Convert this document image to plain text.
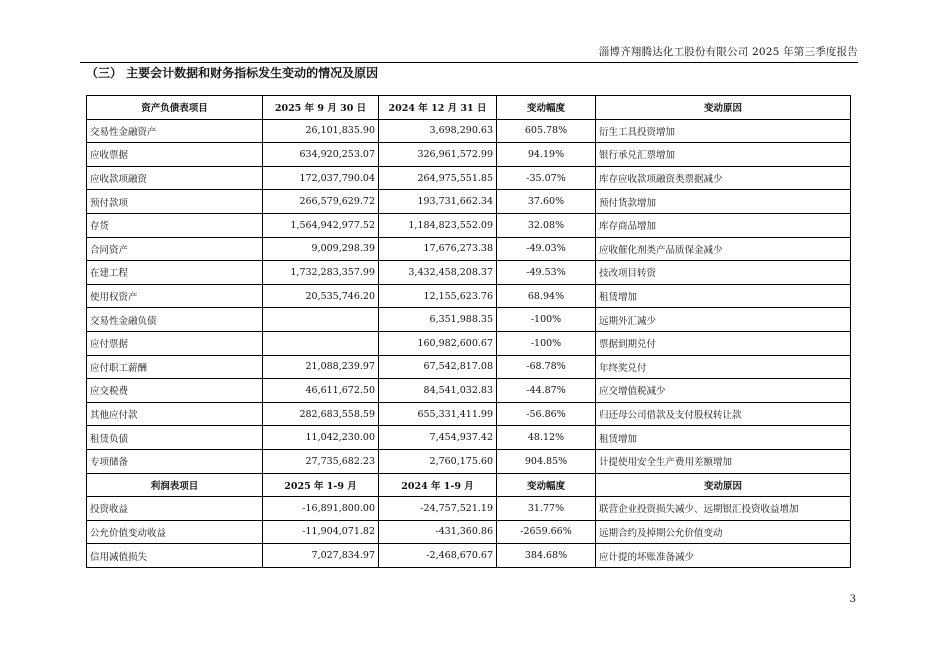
淄博齐翔腾达化工股份有限公司 2025 年第三季度报告
（三） 主要会计数据和财务指标发生变动的情况及原因
资产负债表项目	2025 年 9 月 30 日	2024 年 12 月 31 日	变动幅度	变动原因
交易性金融资产	26,101,835.90	3,698,290.63	605.78%	衍生工具投资增加
应收票据	634,920,253.07	326,961,572.99	94.19%	银行承兑汇票增加
应收款项融资	172,037,790.04	264,975,551.85	-35.07%	库存应收款项融资类票据减少
预付款项	266,579,629.72	193,731,662.34	37.60%	预付货款增加
存货	1,564,942,977.52	1,184,823,552.09	32.08%	库存商品增加
合同资产	9,009,298.39	17,676,273.38	-49.03%	应收催化剂类产品质保金减少
在建工程	1,732,283,357.99	3,432,458,208.37	-49.53%	技改项目转资
使用权资产	20,535,746.20	12,155,623.76	68.94%	租赁增加
交易性金融负债		6,351,988.35	-100%	远期外汇减少
应付票据		160,982,600.67	-100%	票据到期兑付
应付职工薪酬	21,088,239.97	67,542,817.08	-68.78%	年终奖兑付
应交税费	46,611,672.50	84,541,032.83	-44.87%	应交增值税减少
其他应付款	282,683,558.59	655,331,411.99	-56.86%	归还母公司借款及支付股权转让款
租赁负债	11,042,230.00	7,454,937.42	48.12%	租赁增加
专项储备	27,735,682.23	2,760,175.60	904.85%	计提使用安全生产费用差额增加
利润表项目	2025 年 1-9 月	2024 年 1-9 月	变动幅度	变动原因
投资收益	-16,891,800.00	-24,757,521.19	31.77%	联营企业投资损失减少、远期银汇投资收益增加
公允价值变动收益	-11,904,071.82	-431,360.86	-2659.66%	远期合约及掉期公允价值变动
信用减值损失	7,027,834.97	-2,468,670.67	384.68%	应计提的坏账准备减少
3
